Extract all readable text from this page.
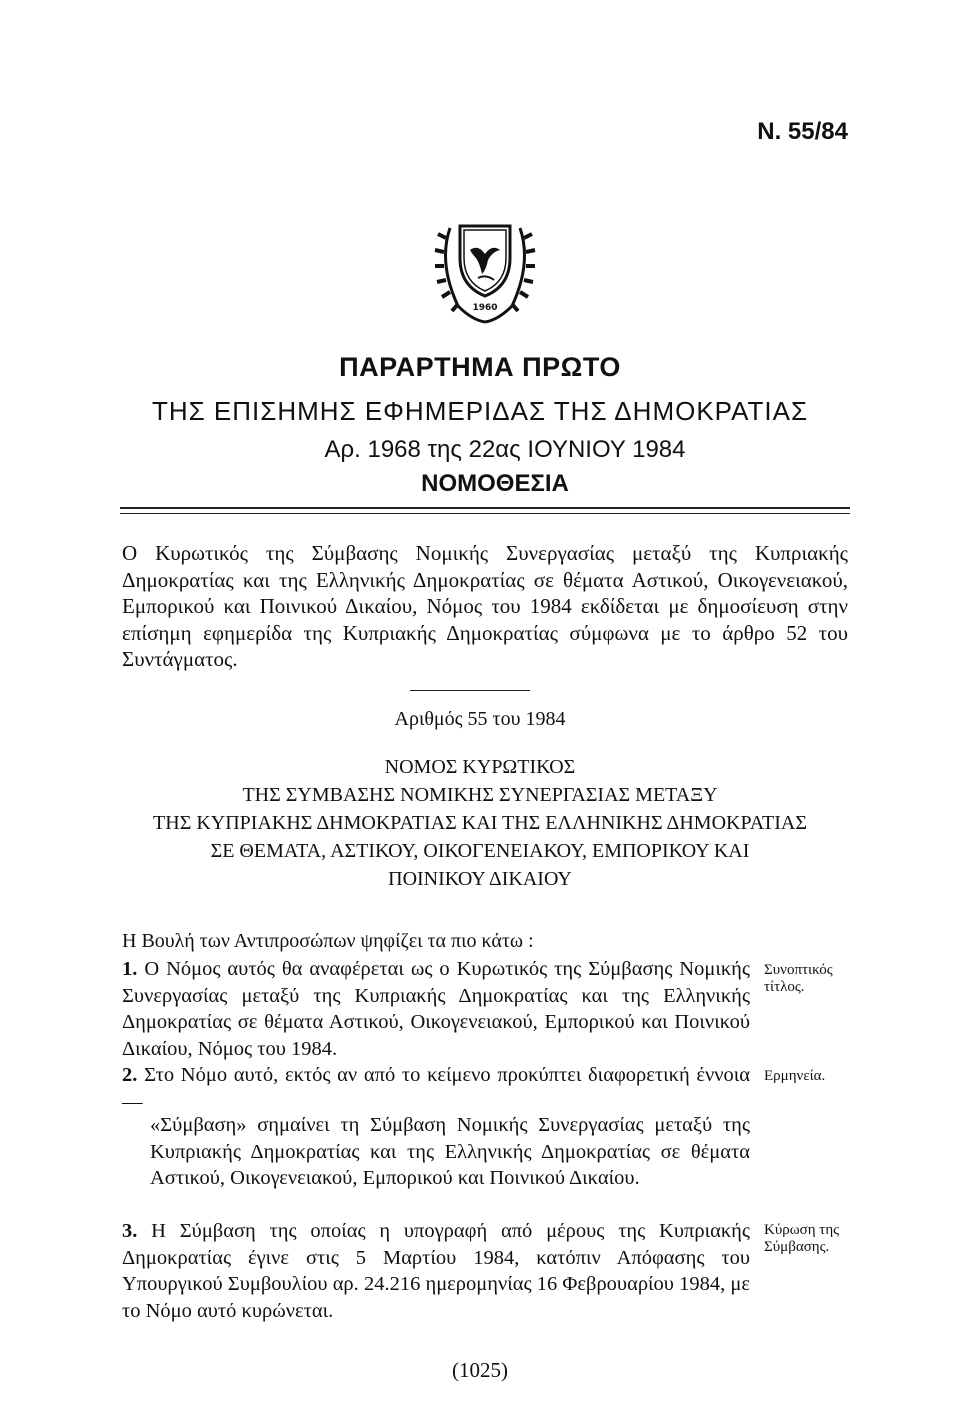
Ν. 55/84
1960
ΠΑΡΑΡΤΗΜΑ ΠΡΩΤΟ
ΤΗΣ ΕΠΙΣΗΜΗΣ ΕΦΗΜΕΡΙΔΑΣ ΤΗΣ ΔΗΜΟΚΡΑΤΙΑΣ
Αρ. 1968 της 22ας ΙΟΥΝΙΟΥ 1984
ΝΟΜΟΘΕΣΙΑ
Ο Κυρωτικός της Σύμβασης Νομικής Συνεργασίας μεταξύ της Κυπριακής Δημοκρατίας και της Ελληνικής Δημοκρατίας σε θέματα Αστικού, Οικογενειακού, Εμπορικού και Ποινικού Δικαίου, Νόμος του 1984 εκδίδεται με δημοσίευση στην επίσημη εφημερίδα της Κυπριακής Δημοκρατίας σύμφωνα με το άρθρο 52 του Συντάγματος.
Αριθμός 55 του 1984
ΝΟΜΟΣ ΚΥΡΩΤΙΚΟΣ
ΤΗΣ ΣΥΜΒΑΣΗΣ ΝΟΜΙΚΗΣ ΣΥΝΕΡΓΑΣΙΑΣ ΜΕΤΑΞΥ
ΤΗΣ ΚΥΠΡΙΑΚΗΣ ΔΗΜΟΚΡΑΤΙΑΣ ΚΑΙ ΤΗΣ ΕΛΛΗΝΙΚΗΣ ΔΗΜΟΚΡΑΤΙΑΣ
ΣΕ ΘΕΜΑΤΑ, ΑΣΤΙΚΟΥ, ΟΙΚΟΓΕΝΕΙΑΚΟΥ, ΕΜΠΟΡΙΚΟΥ ΚΑΙ
ΠΟΙΝΙΚΟΥ ΔΙΚΑΙΟΥ
Η Βουλή των Αντιπροσώπων ψηφίζει τα πιο κάτω :
1. Ο Νόμος αυτός θα αναφέρεται ως ο Κυρωτικός της Σύμβασης Νομικής Συνεργασίας μεταξύ της Κυπριακής Δημοκρατίας και της Ελληνικής Δημοκρατίας σε θέματα Αστικού, Οικογενειακού, Εμπορικού και Ποινικού Δικαίου, Νόμος του 1984.
Συνοπτικός τίτλος.
2. Στο Νόμο αυτό, εκτός αν από το κείμενο προκύπτει διαφορετική έννοια—
Ερμηνεία.
«Σύμβαση» σημαίνει τη Σύμβαση Νομικής Συνεργασίας μεταξύ της Κυπριακής Δημοκρατίας και της Ελληνικής Δημοκρατίας σε θέματα Αστικού, Οικογενειακού, Εμπορικού και Ποινικού Δικαίου.
3. Η Σύμβαση της οποίας η υπογραφή από μέρους της Κυπριακής Δημοκρατίας έγινε στις 5 Μαρτίου 1984, κατόπιν Απόφασης του Υπουργικού Συμβουλίου αρ. 24.216 ημερομηνίας 16 Φεβρουαρίου 1984, με το Νόμο αυτό κυρώνεται.
Κύρωση της Σύμβασης.
(1025)
